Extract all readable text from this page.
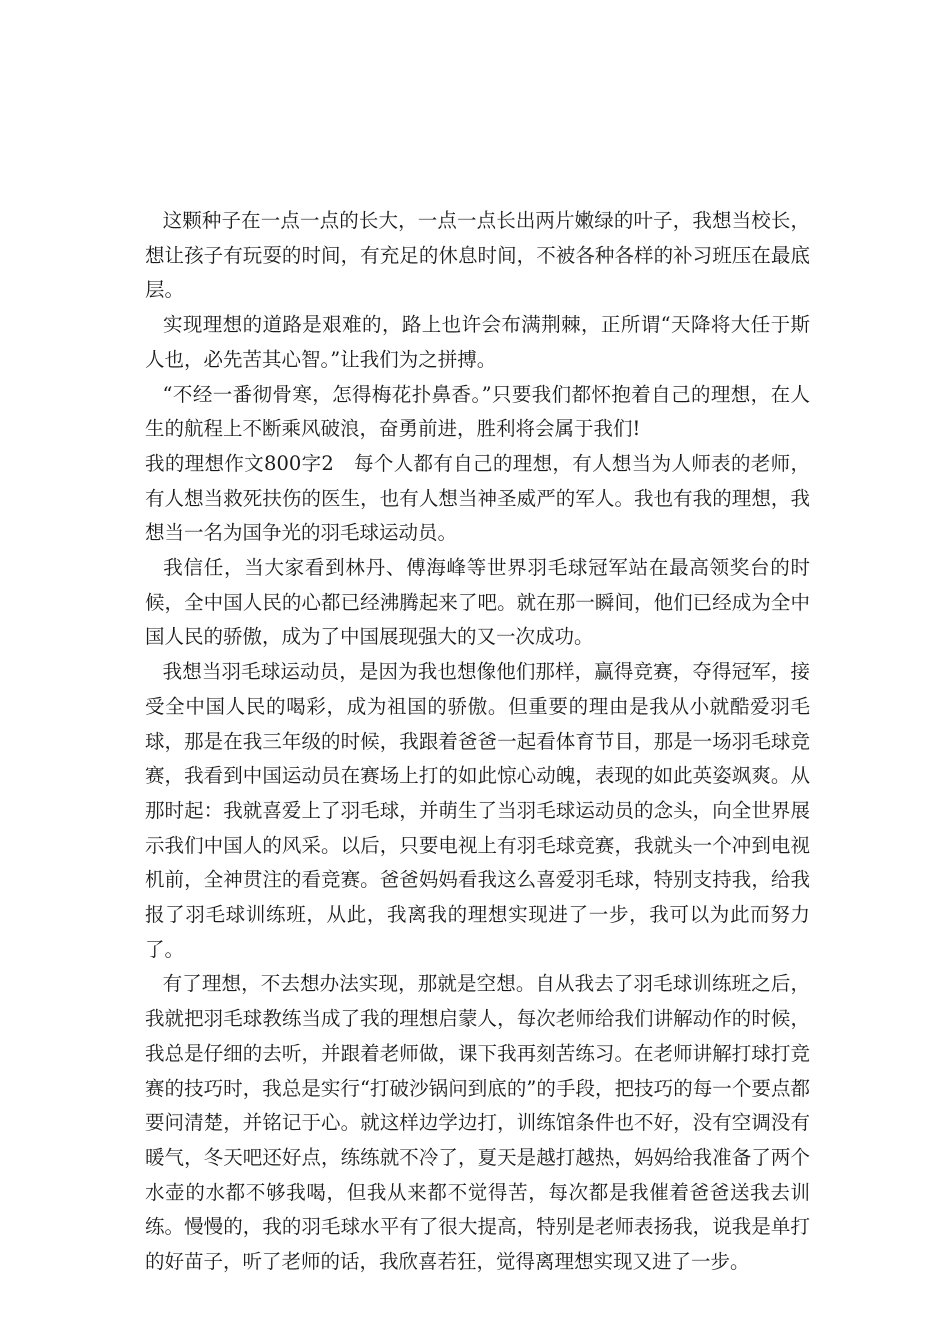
这颗种子在一点一点的长大，一点一点长出两片嫩绿的叶子，我想当校长，想让孩子有玩耍的时间，有充足的休息时间，不被各种各样的补习班压在最底层。

实现理想的道路是艰难的，路上也许会布满荆棘，正所谓“天降将大任于斯人也，必先苦其心智。”让我们为之拼搏。

“不经一番彻骨寒，怎得梅花扑鼻香。”只要我们都怀抱着自己的理想，在人生的航程上不断乘风破浪，奋勇前进，胜利将会属于我们!

我的理想作文800字2　每个人都有自己的理想，有人想当为人师表的老师，有人想当救死扶伤的医生，也有人想当神圣威严的军人。我也有我的理想，我想当一名为国争光的羽毛球运动员。

我信任，当大家看到林丹、傅海峰等世界羽毛球冠军站在最高领奖台的时候，全中国人民的心都已经沸腾起来了吧。就在那一瞬间，他们已经成为全中国人民的骄傲，成为了中国展现强大的又一次成功。

我想当羽毛球运动员，是因为我也想像他们那样，赢得竞赛，夺得冠军，接受全中国人民的喝彩，成为祖国的骄傲。但重要的理由是我从小就酷爱羽毛球，那是在我三年级的时候，我跟着爸爸一起看体育节目，那是一场羽毛球竞赛，我看到中国运动员在赛场上打的如此惊心动魄，表现的如此英姿飒爽。从那时起：我就喜爱上了羽毛球，并萌生了当羽毛球运动员的念头，向全世界展示我们中国人的风采。以后，只要电视上有羽毛球竞赛，我就头一个冲到电视机前，全神贯注的看竞赛。爸爸妈妈看我这么喜爱羽毛球，特别支持我，给我报了羽毛球训练班，从此，我离我的理想实现进了一步，我可以为此而努力了。

有了理想，不去想办法实现，那就是空想。自从我去了羽毛球训练班之后，我就把羽毛球教练当成了我的理想启蒙人，每次老师给我们讲解动作的时候，我总是仔细的去听，并跟着老师做，课下我再刻苦练习。在老师讲解打球打竞赛的技巧时，我总是实行“打破沙锅问到底的”的手段，把技巧的每一个要点都要问清楚，并铭记于心。就这样边学边打，训练馆条件也不好，没有空调没有暖气，冬天吧还好点，练练就不冷了，夏天是越打越热，妈妈给我准备了两个水壶的水都不够我喝，但我从来都不觉得苦，每次都是我催着爸爸送我去训练。慢慢的，我的羽毛球水平有了很大提高，特别是老师表扬我，说我是单打的好苗子，听了老师的话，我欣喜若狂，觉得离理想实现又进了一步。
